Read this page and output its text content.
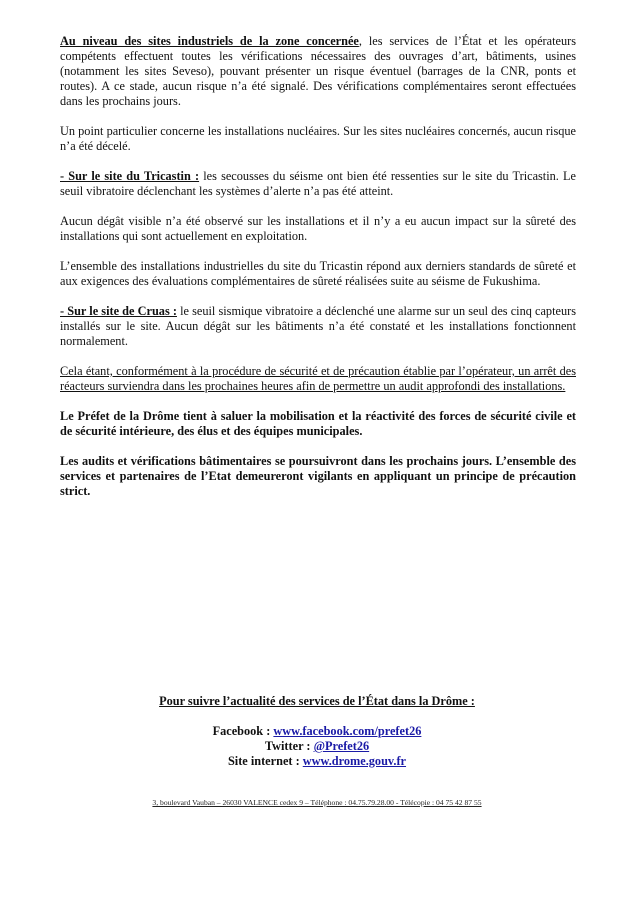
Au niveau des sites industriels de la zone concernée, les services de l’État et les opérateurs compétents effectuent toutes les vérifications nécessaires des ouvrages d’art, bâtiments, usines (notamment les sites Seveso), pouvant présenter un risque éventuel (barrages de la CNR, ponts et routes). A ce stade, aucun risque n’a été signalé. Des vérifications complémentaires seront effectuées dans les prochains jours.

Un point particulier concerne les installations nucléaires. Sur les sites nucléaires concernés, aucun risque n’a été décelé.

- Sur le site du Tricastin : les secousses du séisme ont bien été ressenties sur le site du Tricastin. Le seuil vibratoire déclenchant les systèmes d’alerte n’a pas été atteint.

Aucun dégât visible n’a été observé sur les installations et il n’y a eu aucun impact sur la sûreté des installations qui sont actuellement en exploitation.

L’ensemble des installations industrielles du site du Tricastin répond aux derniers standards de sûreté et aux exigences des évaluations complémentaires de sûreté réalisées suite au séisme de Fukushima.

- Sur le site de Cruas : le seuil sismique vibratoire a déclenché une alarme sur un seul des cinq capteurs installés sur le site. Aucun dégât sur les bâtiments n’a été constaté et les installations fonctionnent normalement.

Cela étant, conformément à la procédure de sécurité et de précaution établie par l’opérateur, un arrêt des réacteurs surviendra dans les prochaines heures afin de permettre un audit approfondi des installations.

Le Préfet de la Drôme tient à saluer la mobilisation et la réactivité des forces de sécurité civile et de sécurité intérieure, des élus et des équipes municipales.

Les audits et vérifications bâtimentaires se poursuivront dans les prochains jours. L’ensemble des services et partenaires de l’Etat demeureront vigilants en appliquant un principe de précaution strict.

Pour suivre l’actualité des services de l’État dans la Drôme :
Facebook : www.facebook.com/prefet26
Twitter : @Prefet26
Site internet : www.drome.gouv.fr
3, boulevard Vauban – 26030 VALENCE cedex 9 – Téléphone : 04.75.79.28.00 - Télécopie : 04 75 42 87 55
